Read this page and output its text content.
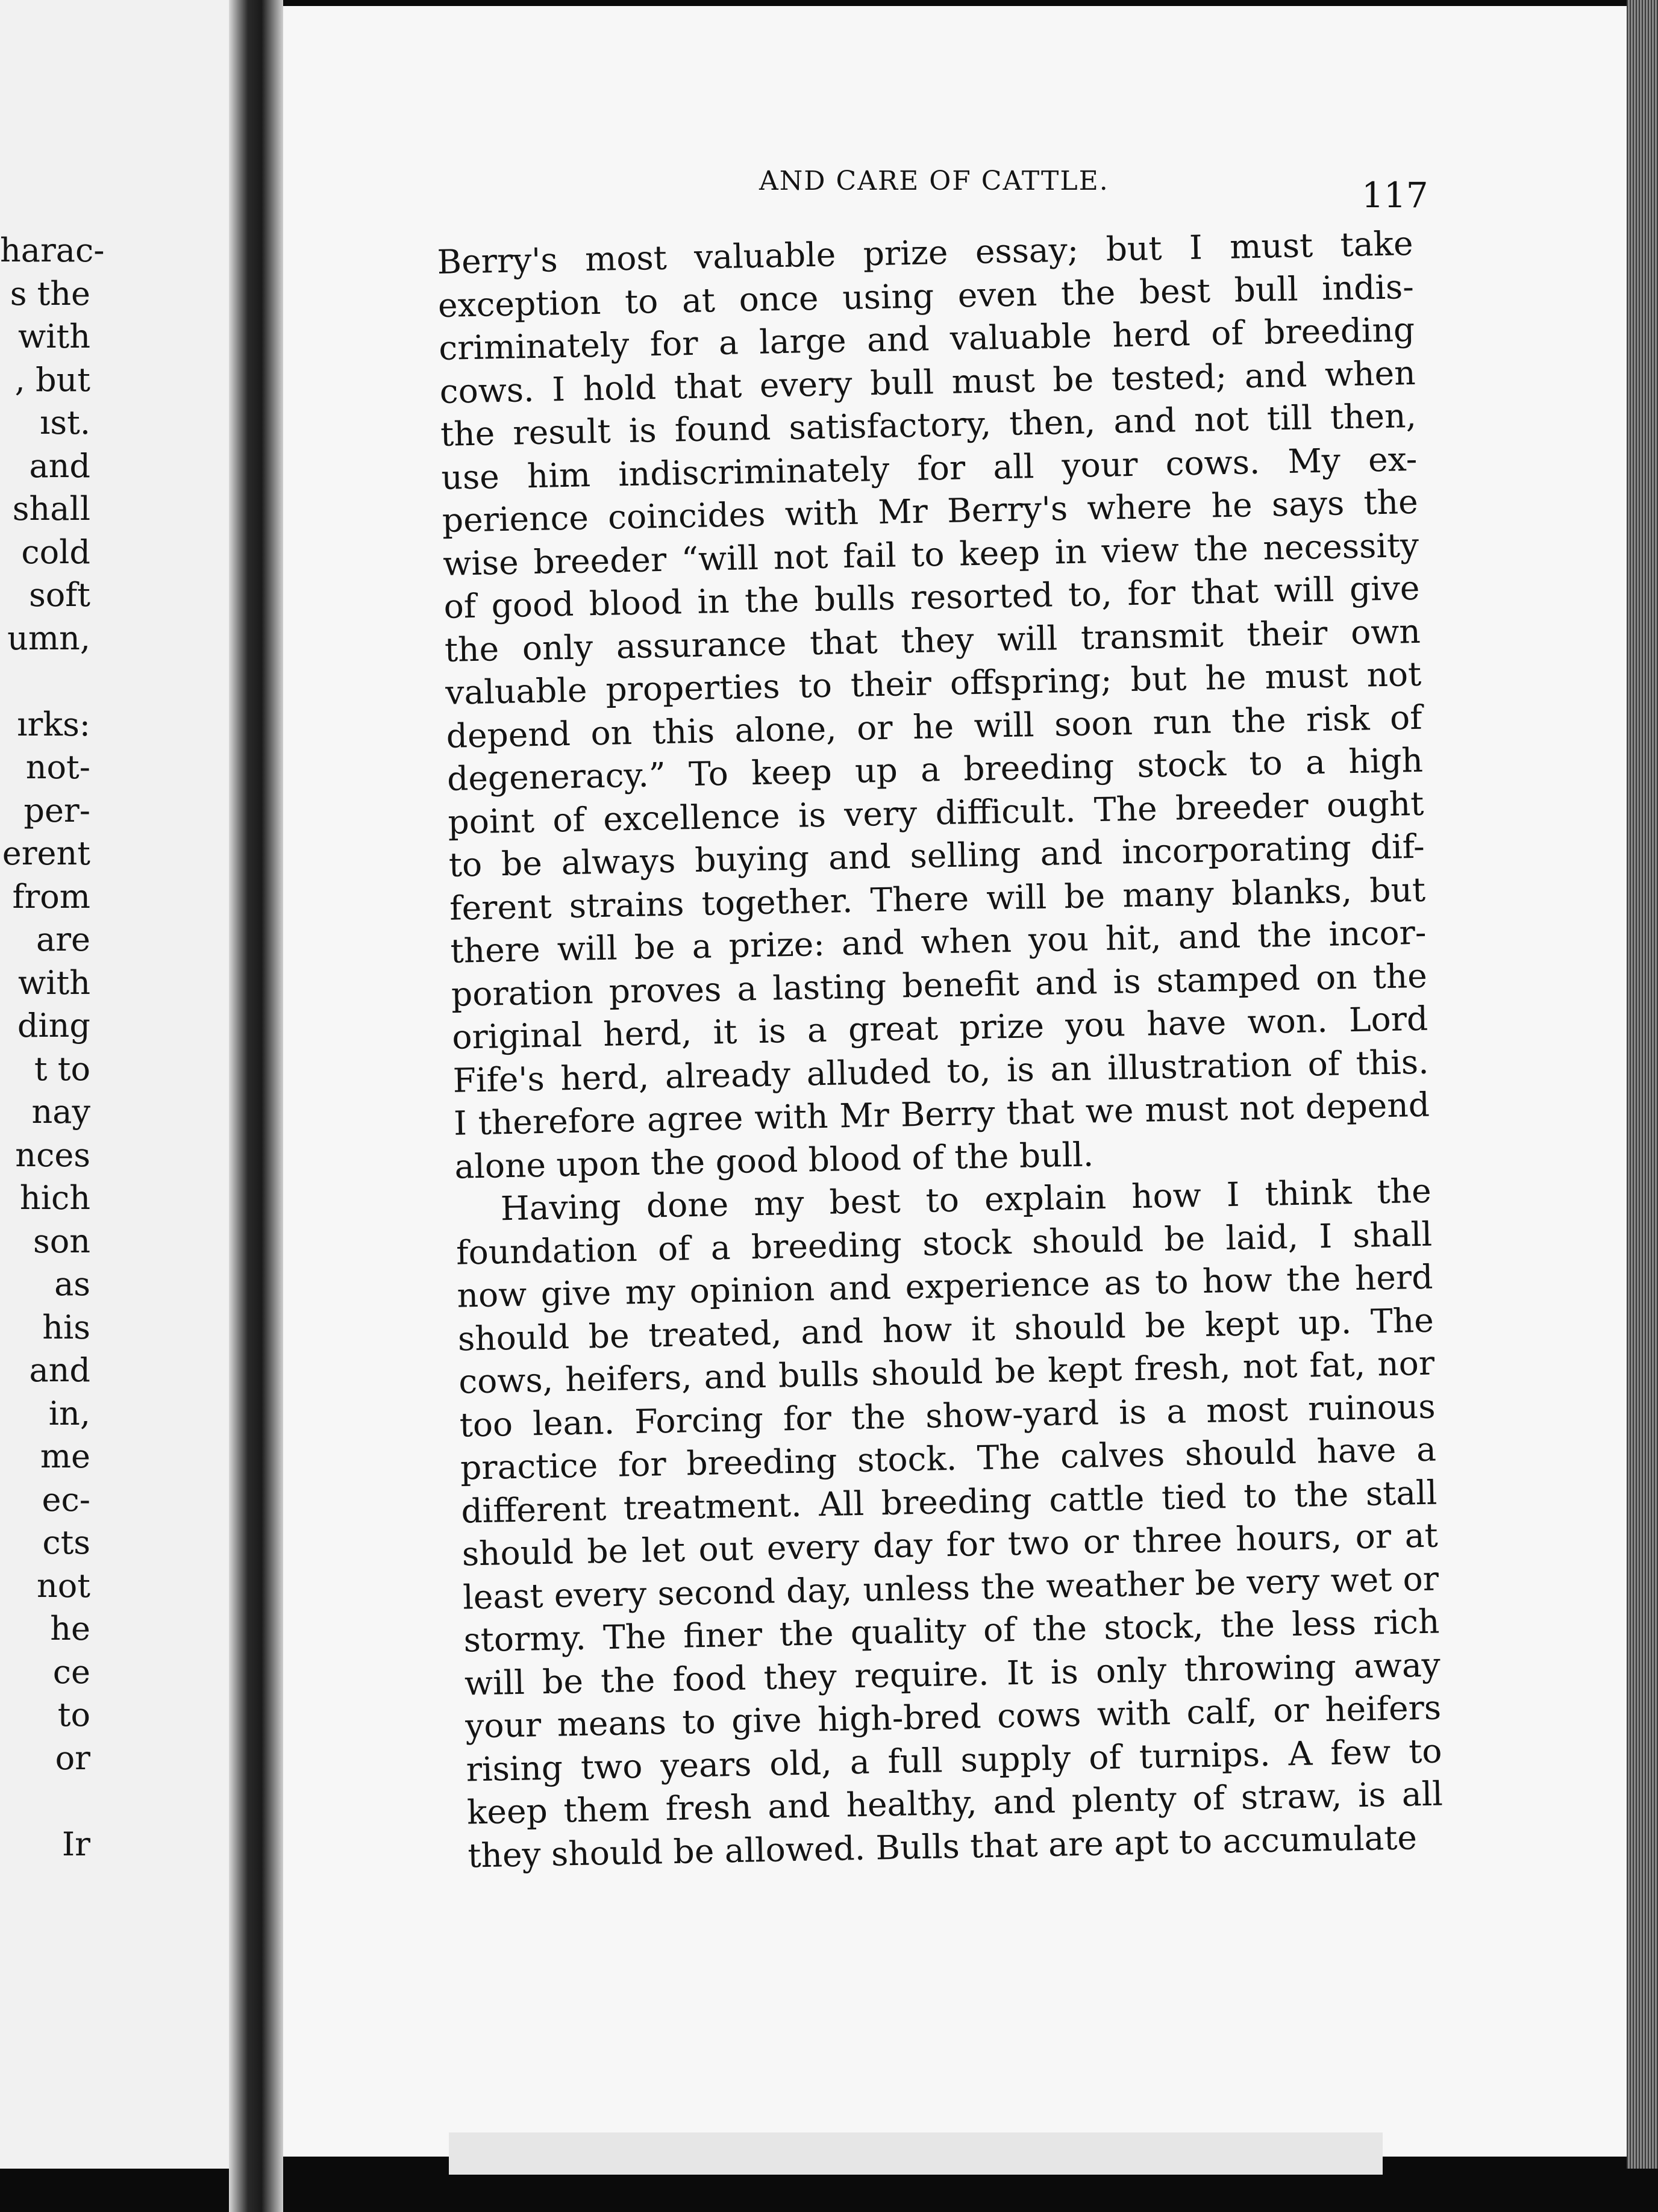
harac-
s the
with
, but
ıst.
and
shall
cold
soft
umn,
ırks:
not-
per-
erent
from
are
with
ding
t to
nay
nces
hich
son
as
his
and
in,
me
ec-
cts
not
he
ce
to
or
Ir
AND CARE OF CATTLE.	117
Berry's most valuable prize essay; but I must take
exception to at once using even the best bull indis-
criminately for a large and valuable herd of breeding
cows. I hold that every bull must be tested; and when
the result is found satisfactory, then, and not till then,
use him indiscriminately for all your cows. My ex-
perience coincides with Mr Berry's where he says the
wise breeder “will not fail to keep in view the necessity
of good blood in the bulls resorted to, for that will give
the only assurance that they will transmit their own
valuable properties to their offspring; but he must not
depend on this alone, or he will soon run the risk of
degeneracy.” To keep up a breeding stock to a high
point of excellence is very difficult. The breeder ought
to be always buying and selling and incorporating dif-
ferent strains together. There will be many blanks, but
there will be a prize: and when you hit, and the incor-
poration proves a lasting benefit and is stamped on the
original herd, it is a great prize you have won. Lord
Fife's herd, already alluded to, is an illustration of this.
I therefore agree with Mr Berry that we must not depend
alone upon the good blood of the bull.
Having done my best to explain how I think the
foundation of a breeding stock should be laid, I shall
now give my opinion and experience as to how the herd
should be treated, and how it should be kept up. The
cows, heifers, and bulls should be kept fresh, not fat, nor
too lean. Forcing for the show-yard is a most ruinous
practice for breeding stock. The calves should have a
different treatment. All breeding cattle tied to the stall
should be let out every day for two or three hours, or at
least every second day, unless the weather be very wet or
stormy. The finer the quality of the stock, the less rich
will be the food they require. It is only throwing away
your means to give high-bred cows with calf, or heifers
rising two years old, a full supply of turnips. A few to
keep them fresh and healthy, and plenty of straw, is all
they should be allowed. Bulls that are apt to accumulate
